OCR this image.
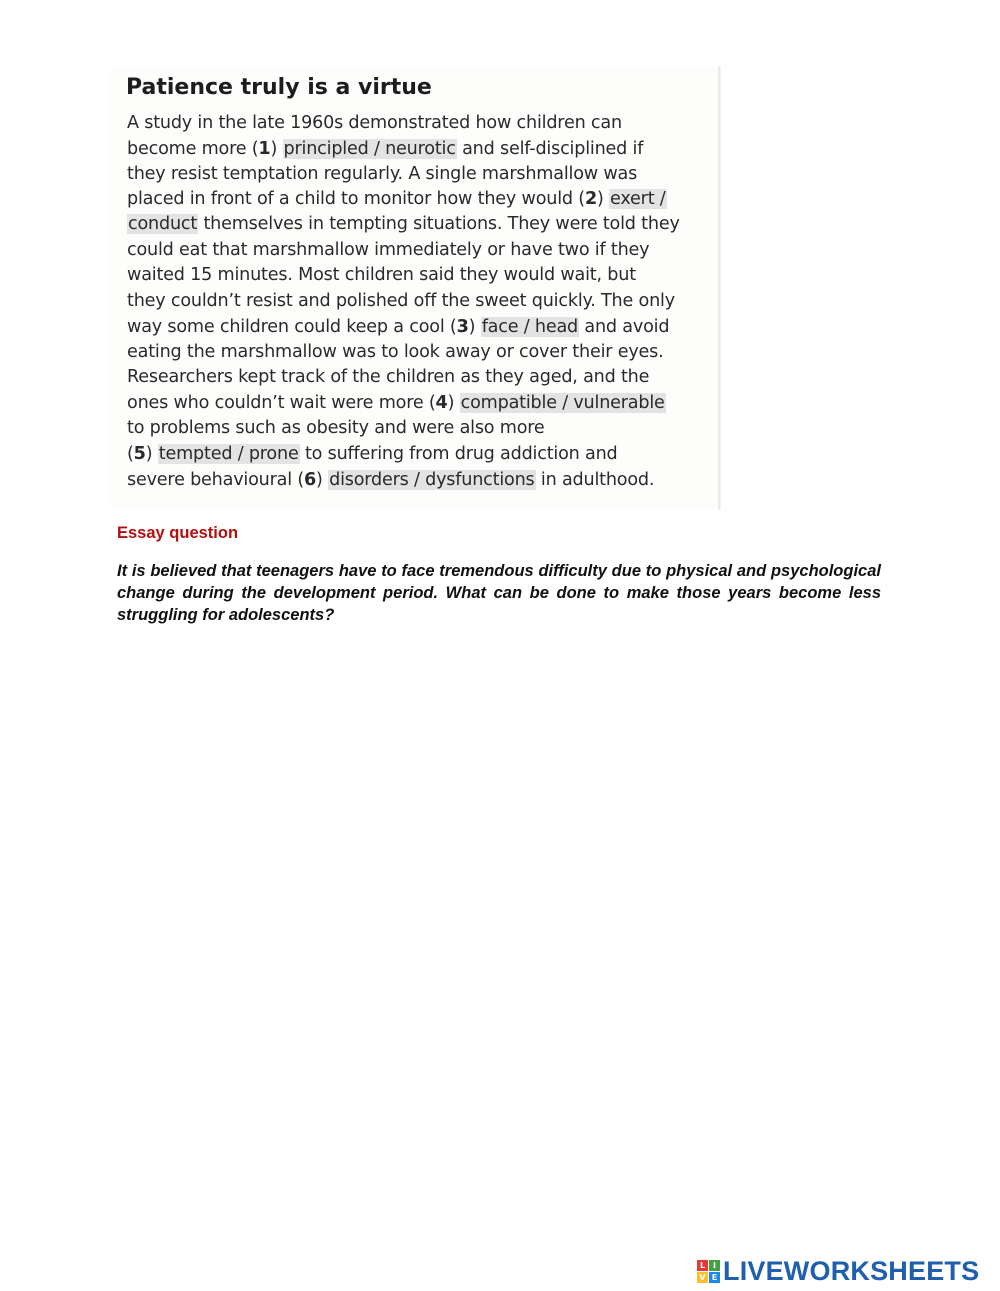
Patience truly is a virtue
A study in the late 1960s demonstrated how children can
become more (1) principled / neurotic and self-disciplined if
they resist temptation regularly. A single marshmallow was
placed in front of a child to monitor how they would (2) exert /
conduct themselves in tempting situations. They were told they
could eat that marshmallow immediately or have two if they
waited 15 minutes. Most children said they would wait, but
they couldn’t resist and polished off the sweet quickly. The only
way some children could keep a cool (3) face / head and avoid
eating the marshmallow was to look away or cover their eyes.
Researchers kept track of the children as they aged, and the
ones who couldn’t wait were more (4) compatible / vulnerable
to problems such as obesity and were also more
(5) tempted / prone to suffering from drug addiction and
severe behavioural (6) disorders / dysfunctions in adulthood.
Essay question

It is believed that teenagers have to face tremendous difficulty due to physical and psychological change during the development period. What can be done to make those years become less struggling for adolescents?

L I
V E LIVEWORKSHEETS
